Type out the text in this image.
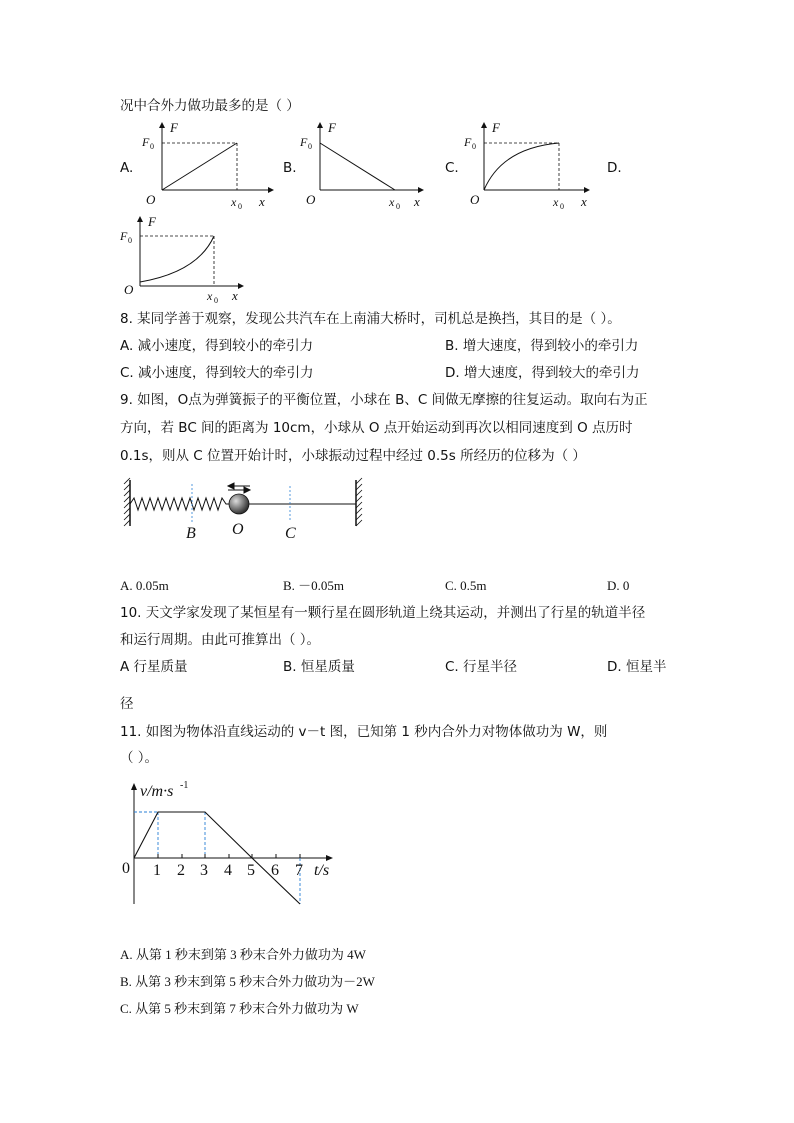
况中合外力做功最多的是（ ）
A.	B.	C.	D.
F
F 0
O	x 0 x
F
F 0
O	x 0 x
F
F 0
O	x 0 x
F
F 0
O	x 0 x
8. 某同学善于观察，发现公共汽车在上南浦大桥时，司机总是换挡，其目的是（ ）。
A. 减小速度，得到较小的牵引力	B. 增大速度，得到较小的牵引力
C. 减小速度，得到较大的牵引力	D. 增大速度，得到较大的牵引力
9. 如图，O点为弹簧振子的平衡位置，小球在 B、C 间做无摩擦的往复运动。取向右为正
方向，若 BC 间的距离为 10cm，小球从 O 点开始运动到再次以相同速度到 O 点历时
0.1s，则从 C 位置开始计时，小球振动过程中经过 0.5s 所经历的位移为（ ）
B O	C
A. 0.05m	B. －0.05m	C. 0.5m	D. 0
10. 天文学家发现了某恒星有一颗行星在圆形轨道上绕其运动，并测出了行星的轨道半径
和运行周期。由此可推算出（ ）。
A 行星质量	B. 恒星质量	C. 行星半径	D. 恒星半
径
11. 如图为物体沿直线运动的 v－t 图，已知第 1 秒内合外力对物体做功为 W，则
（ ）。
0 1 2 3 4 5 6 7 t/s
v/m·s -1
A. 从第 1 秒末到第 3 秒末合外力做功为 4W
B. 从第 3 秒末到第 5 秒末合外力做功为－2W
C. 从第 5 秒末到第 7 秒末合外力做功为 W
